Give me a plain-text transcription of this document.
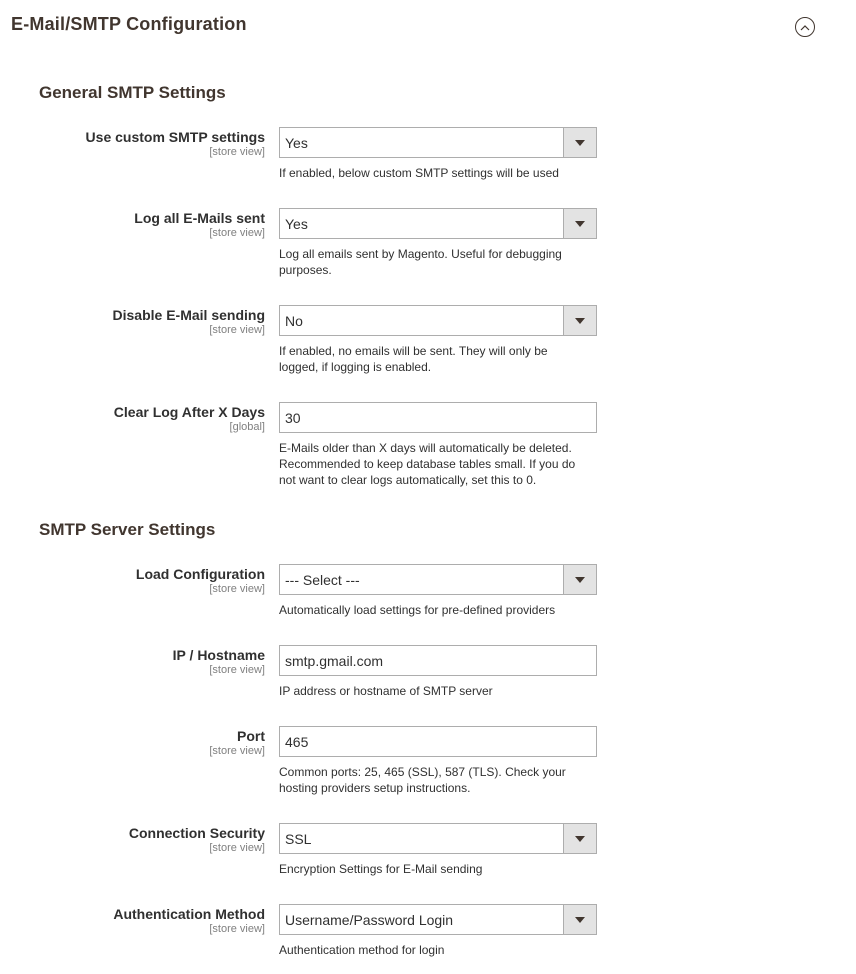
E-Mail/SMTP Configuration
General SMTP Settings
Use custom SMTP settings
[store view]
Yes
If enabled, below custom SMTP settings will be used
Log all E-Mails sent
[store view]
Yes
Log all emails sent by Magento. Useful for debugging purposes.
Disable E-Mail sending
[store view]
No
If enabled, no emails will be sent. They will only be logged, if logging is enabled.
Clear Log After X Days
[global]
30
E-Mails older than X days will automatically be deleted. Recommended to keep database tables small. If you do not want to clear logs automatically, set this to 0.
SMTP Server Settings
Load Configuration
[store view]
--- Select ---
Automatically load settings for pre-defined providers
IP / Hostname
[store view]
smtp.gmail.com
IP address or hostname of SMTP server
Port
[store view]
465
Common ports: 25, 465 (SSL), 587 (TLS). Check your hosting providers setup instructions.
Connection Security
[store view]
SSL
Encryption Settings for E-Mail sending
Authentication Method
[store view]
Username/Password Login
Authentication method for login
